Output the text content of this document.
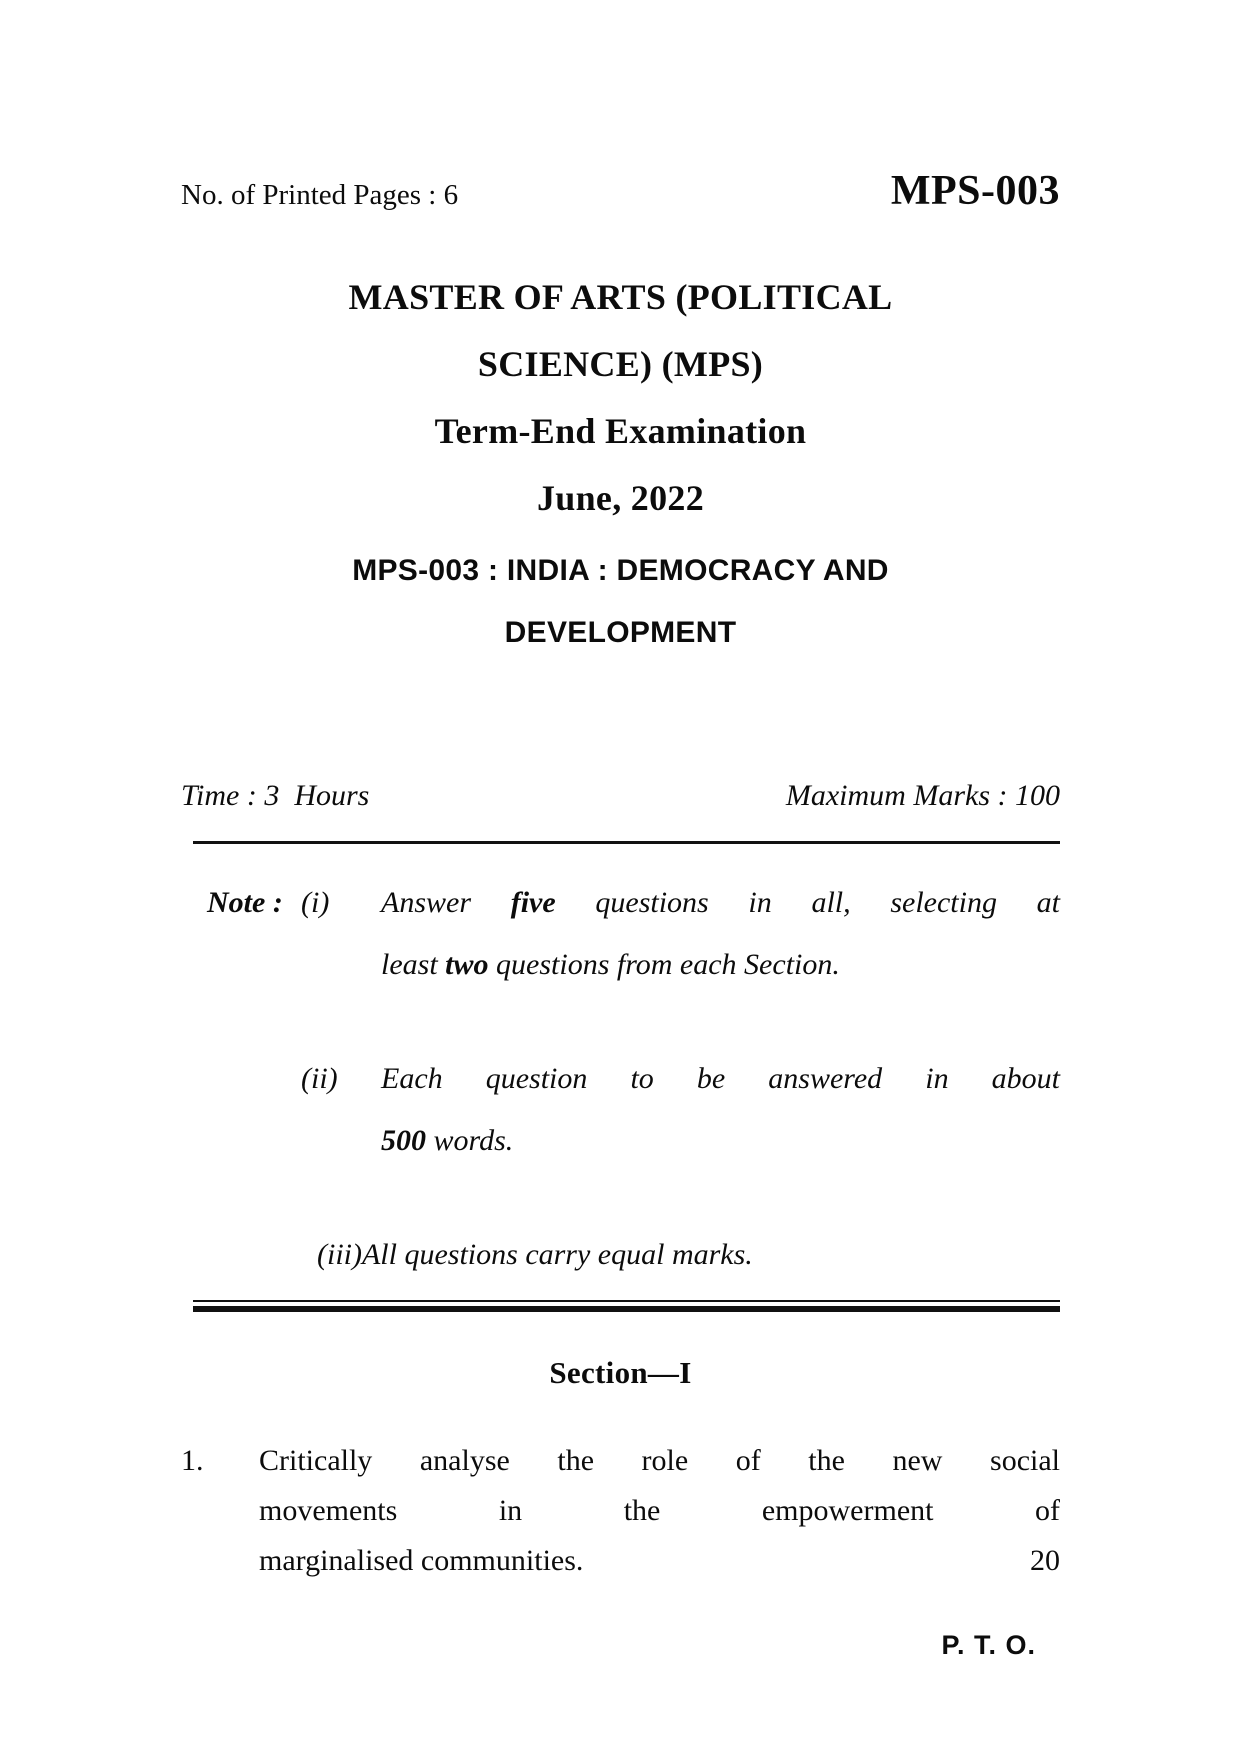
No. of Printed Pages : 6	MPS-003
MASTER OF ARTS (POLITICAL
SCIENCE) (MPS)
Term-End Examination
June, 2022
MPS-003 : INDIA : DEMOCRACY AND
DEVELOPMENT
Time : 3  Hours	Maximum Marks : 100
Note : (i)	Answer five questions in all, selecting at
least two questions from each Section.
(ii)	Each question to be answered in about
500 words.
(iii)All questions carry equal marks.
Section—I
1.	Critically analyse the role of the new social
movements in the empowerment of
marginalised communities.	20
P. T. O.
